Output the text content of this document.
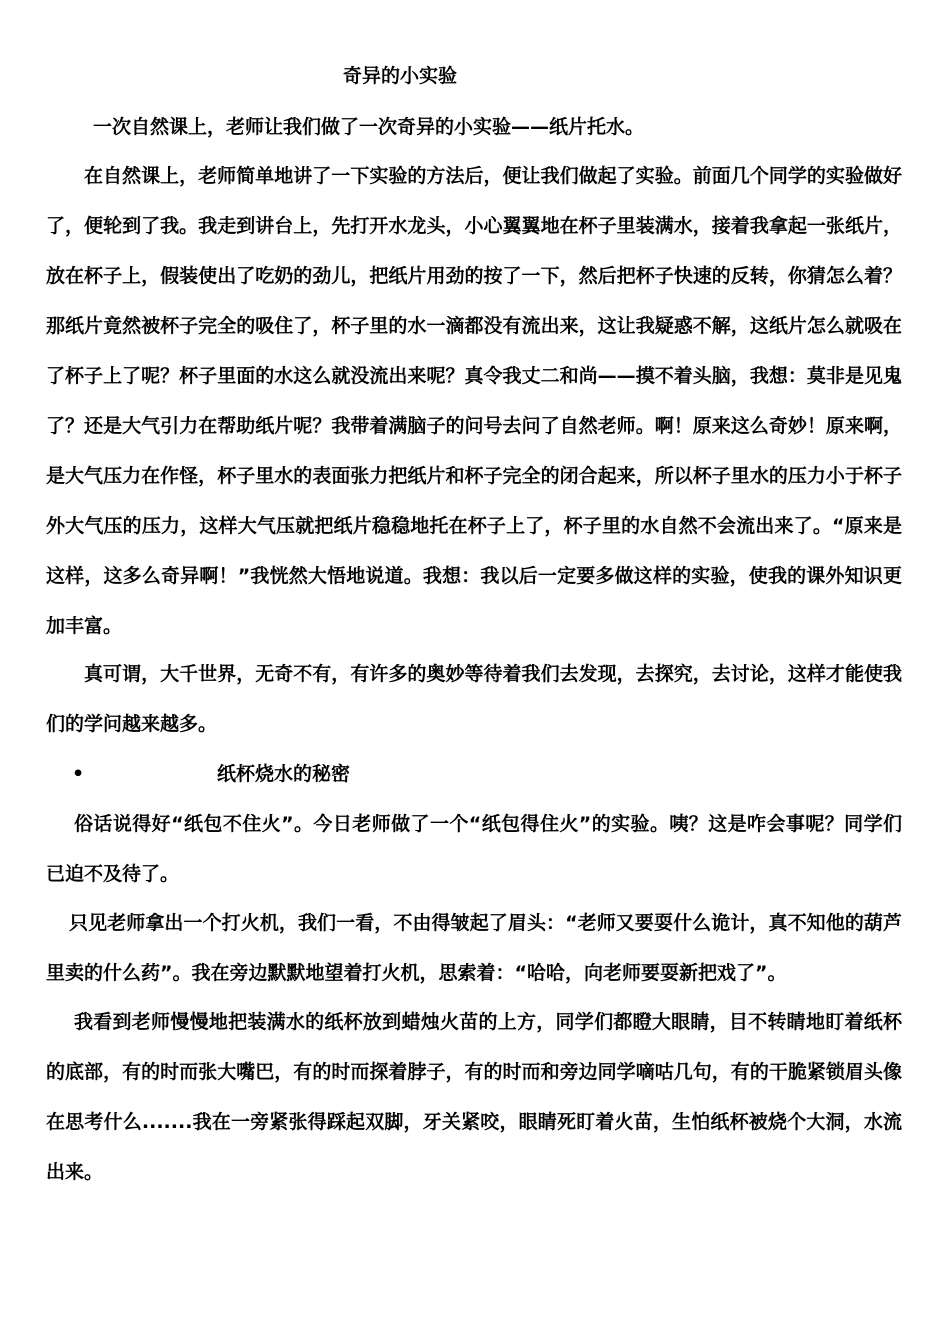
奇异的小实验

一次自然课上，老师让我们做了一次奇异的小实验——纸片托水。

在自然课上，老师简单地讲了一下实验的方法后，便让我们做起了实验。前面几个同学的实验做好了，便轮到了我。我走到讲台上，先打开水龙头，小心翼翼地在杯子里装满水，接着我拿起一张纸片，放在杯子上，假装使出了吃奶的劲儿，把纸片用劲的按了一下，然后把杯子快速的反转，你猜怎么着？那纸片竟然被杯子完全的吸住了，杯子里的水一滴都没有流出来，这让我疑惑不解，这纸片怎么就吸在了杯子上了呢？杯子里面的水这么就没流出来呢？真令我丈二和尚——摸不着头脑，我想：莫非是见鬼了？还是大气引力在帮助纸片呢？我带着满脑子的问号去问了自然老师。啊！原来这么奇妙！原来啊，是大气压力在作怪，杯子里水的表面张力把纸片和杯子完全的闭合起来，所以杯子里水的压力小于杯子外大气压的压力，这样大气压就把纸片稳稳地托在杯子上了，杯子里的水自然不会流出来了。“原来是这样，这多么奇异啊！”我恍然大悟地说道。我想：我以后一定要多做这样的实验，使我的课外知识更加丰富。

真可谓，大千世界，无奇不有，有许多的奥妙等待着我们去发现，去探究，去讨论，这样才能使我们的学问越来越多。

•	纸杯烧水的秘密

俗话说得好“纸包不住火”。今日老师做了一个“纸包得住火”的实验。咦？这是咋会事呢？同学们已迫不及待了。

只见老师拿出一个打火机，我们一看，不由得皱起了眉头：“老师又要耍什么诡计，真不知他的葫芦里卖的什么药”。我在旁边默默地望着打火机，思索着：“哈哈，向老师要耍新把戏了”。

我看到老师慢慢地把装满水的纸杯放到蜡烛火苗的上方，同学们都瞪大眼睛，目不转睛地盯着纸杯的底部，有的时而张大嘴巴，有的时而探着脖子，有的时而和旁边同学嘀咕几句，有的干脆紧锁眉头像在思考什么.......我在一旁紧张得踩起双脚，牙关紧咬，眼睛死盯着火苗，生怕纸杯被烧个大洞，水流出来。
